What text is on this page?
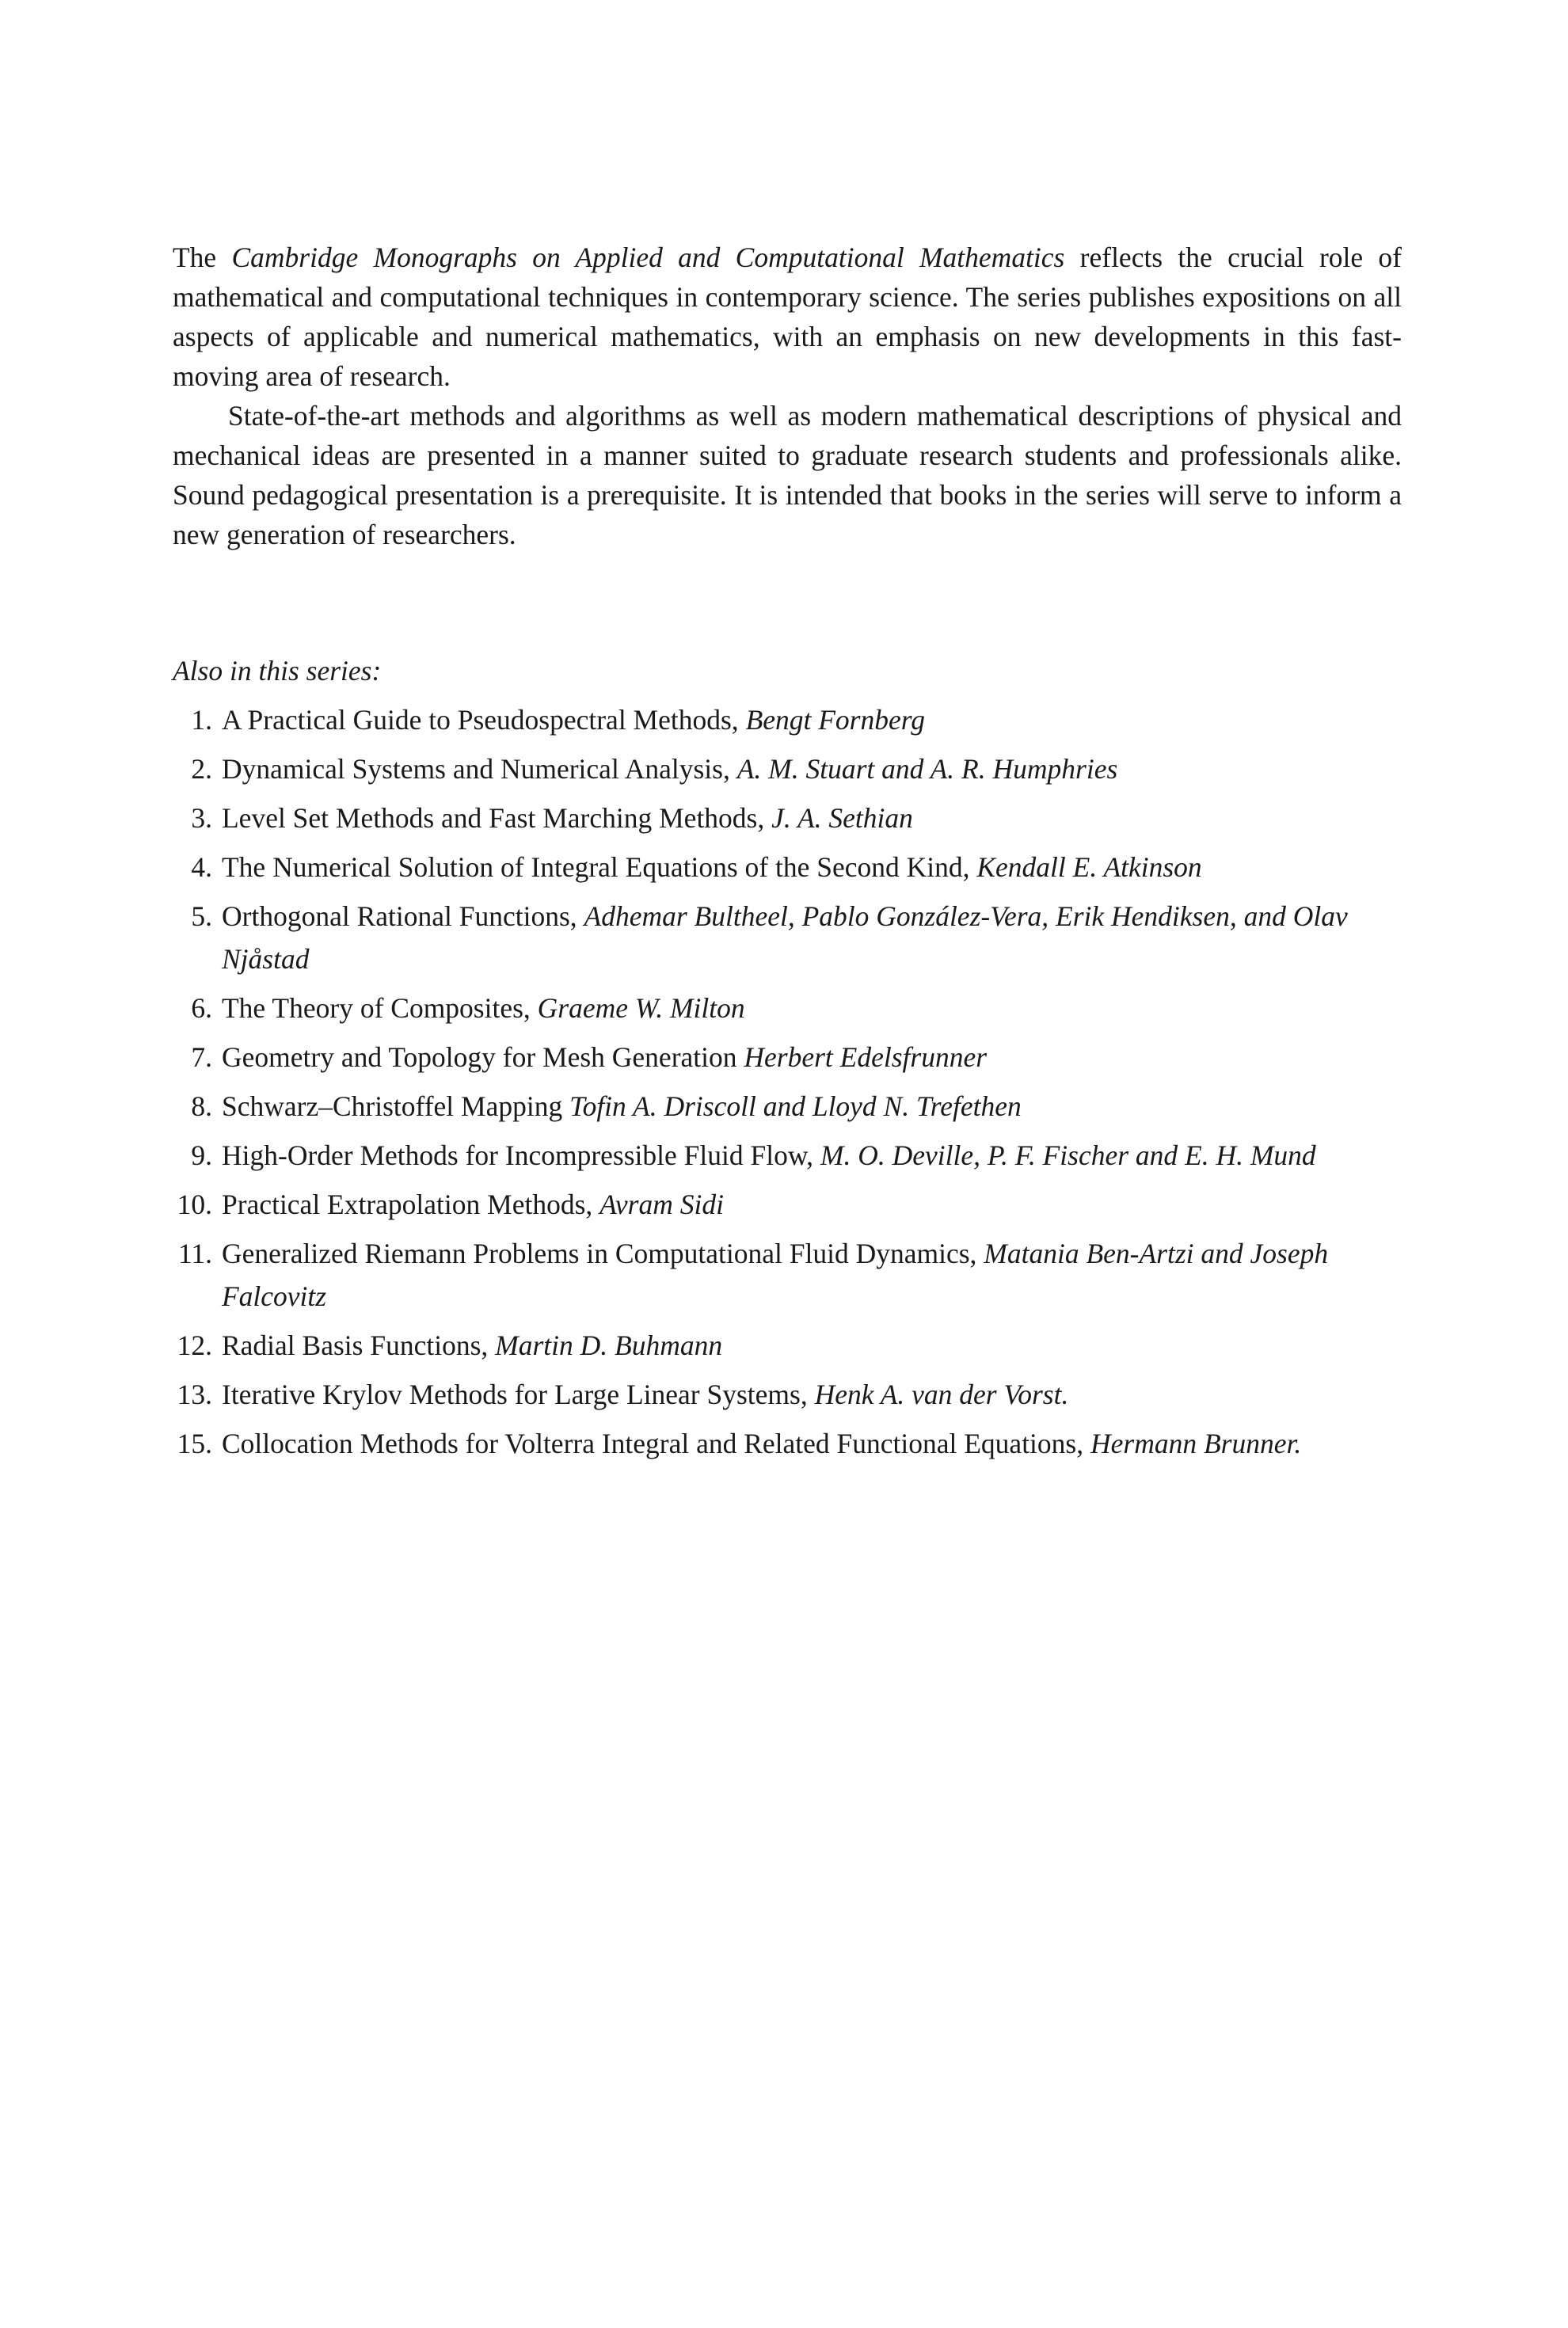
The Cambridge Monographs on Applied and Computational Mathematics reflects the crucial role of mathematical and computational techniques in contemporary science. The series publishes expositions on all aspects of applicable and numerical mathematics, with an emphasis on new developments in this fast-moving area of research.

State-of-the-art methods and algorithms as well as modern mathematical descriptions of physical and mechanical ideas are presented in a manner suited to graduate research students and professionals alike. Sound pedagogical presentation is a prerequisite. It is intended that books in the series will serve to inform a new generation of researchers.

Also in this series:
1. A Practical Guide to Pseudospectral Methods, Bengt Fornberg
2. Dynamical Systems and Numerical Analysis, A. M. Stuart and A. R. Humphries
3. Level Set Methods and Fast Marching Methods, J. A. Sethian
4. The Numerical Solution of Integral Equations of the Second Kind, Kendall E. Atkinson
5. Orthogonal Rational Functions, Adhemar Bultheel, Pablo González-Vera, Erik Hendiksen, and Olav Njåstad
6. The Theory of Composites, Graeme W. Milton
7. Geometry and Topology for Mesh Generation Herbert Edelsfrunner
8. Schwarz–Christoffel Mapping Tofin A. Driscoll and Lloyd N. Trefethen
9. High-Order Methods for Incompressible Fluid Flow, M. O. Deville, P. F. Fischer and E. H. Mund
10. Practical Extrapolation Methods, Avram Sidi
11. Generalized Riemann Problems in Computational Fluid Dynamics, Matania Ben-Artzi and Joseph Falcovitz
12. Radial Basis Functions, Martin D. Buhmann
13. Iterative Krylov Methods for Large Linear Systems, Henk A. van der Vorst.
15. Collocation Methods for Volterra Integral and Related Functional Equations, Hermann Brunner.
